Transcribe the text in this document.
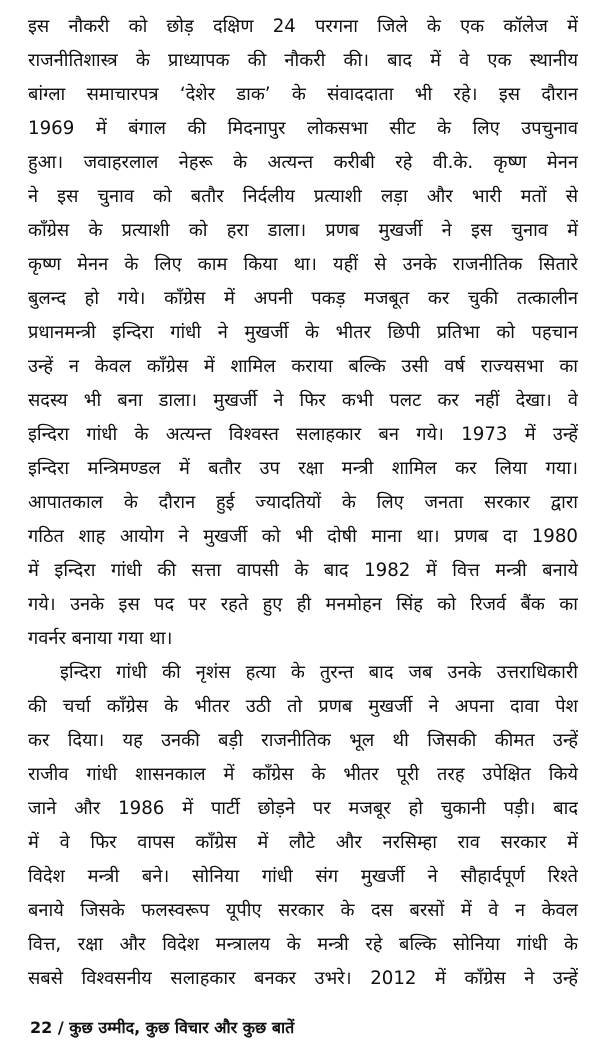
इस नौकरी को छोड़ दक्षिण 24 परगना जिले के एक कॉलेज में
राजनीतिशास्त्र के प्राध्यापक की नौकरी की। बाद में वे एक स्थानीय
बांग्ला समाचारपत्र ‘देशेर डाक’ के संवाददाता भी रहे। इस दौरान
1969 में बंगाल की मिदनापुर लोकसभा सीट के लिए उपचुनाव
हुआ। जवाहरलाल नेहरू के अत्यन्त करीबी रहे वी.के. कृष्ण मेनन
ने इस चुनाव को बतौर निर्दलीय प्रत्याशी लड़ा और भारी मतों से
कॉंग्रेस के प्रत्याशी को हरा डाला। प्रणब मुखर्जी ने इस चुनाव में
कृष्ण मेनन के लिए काम किया था। यहीं से उनके राजनीतिक सितारे
बुलन्द हो गये। कॉंग्रेस में अपनी पकड़ मजबूत कर चुकी तत्कालीन
प्रधानमन्त्री इन्दिरा गांधी ने मुखर्जी के भीतर छिपी प्रतिभा को पहचान
उन्हें न केवल कॉंग्रेस में शामिल कराया बल्कि उसी वर्ष राज्यसभा का
सदस्य भी बना डाला। मुखर्जी ने फिर कभी पलट कर नहीं देखा। वे
इन्दिरा गांधी के अत्यन्त विश्वस्त सलाहकार बन गये। 1973 में उन्हें
इन्दिरा मन्त्रिमण्डल में बतौर उप रक्षा मन्त्री शामिल कर लिया गया।
आपातकाल के दौरान हुई ज्यादतियों के लिए जनता सरकार द्वारा
गठित शाह आयोग ने मुखर्जी को भी दोषी माना था। प्रणब दा 1980
में इन्दिरा गांधी की सत्ता वापसी के बाद 1982 में वित्त मन्त्री बनाये
गये। उनके इस पद पर रहते हुए ही मनमोहन सिंह को रिजर्व बैंक का
गवर्नर बनाया गया था।
इन्दिरा गांधी की नृशंस हत्या के तुरन्त बाद जब उनके उत्तराधिकारी
की चर्चा कॉंग्रेस के भीतर उठी तो प्रणब मुखर्जी ने अपना दावा पेश
कर दिया। यह उनकी बड़ी राजनीतिक भूल थी जिसकी कीमत उन्हें
राजीव गांधी शासनकाल में कॉंग्रेस के भीतर पूरी तरह उपेक्षित किये
जाने और 1986 में पार्टी छोड़ने पर मजबूर हो चुकानी पड़ी। बाद
में वे फिर वापस कॉंग्रेस में लौटे और नरसिम्हा राव सरकार में
विदेश मन्त्री बने। सोनिया गांधी संग मुखर्जी ने सौहार्दपूर्ण रिश्ते
बनाये जिसके फलस्वरूप यूपीए सरकार के दस बरसों में वे न केवल
वित्त, रक्षा और विदेश मन्त्रालय के मन्त्री रहे बल्कि सोनिया गांधी के
सबसे विश्वसनीय सलाहकार बनकर उभरे। 2012 में कॉंग्रेस ने उन्हें
22 / कुछ उम्मीद, कुछ विचार और कुछ बातें
